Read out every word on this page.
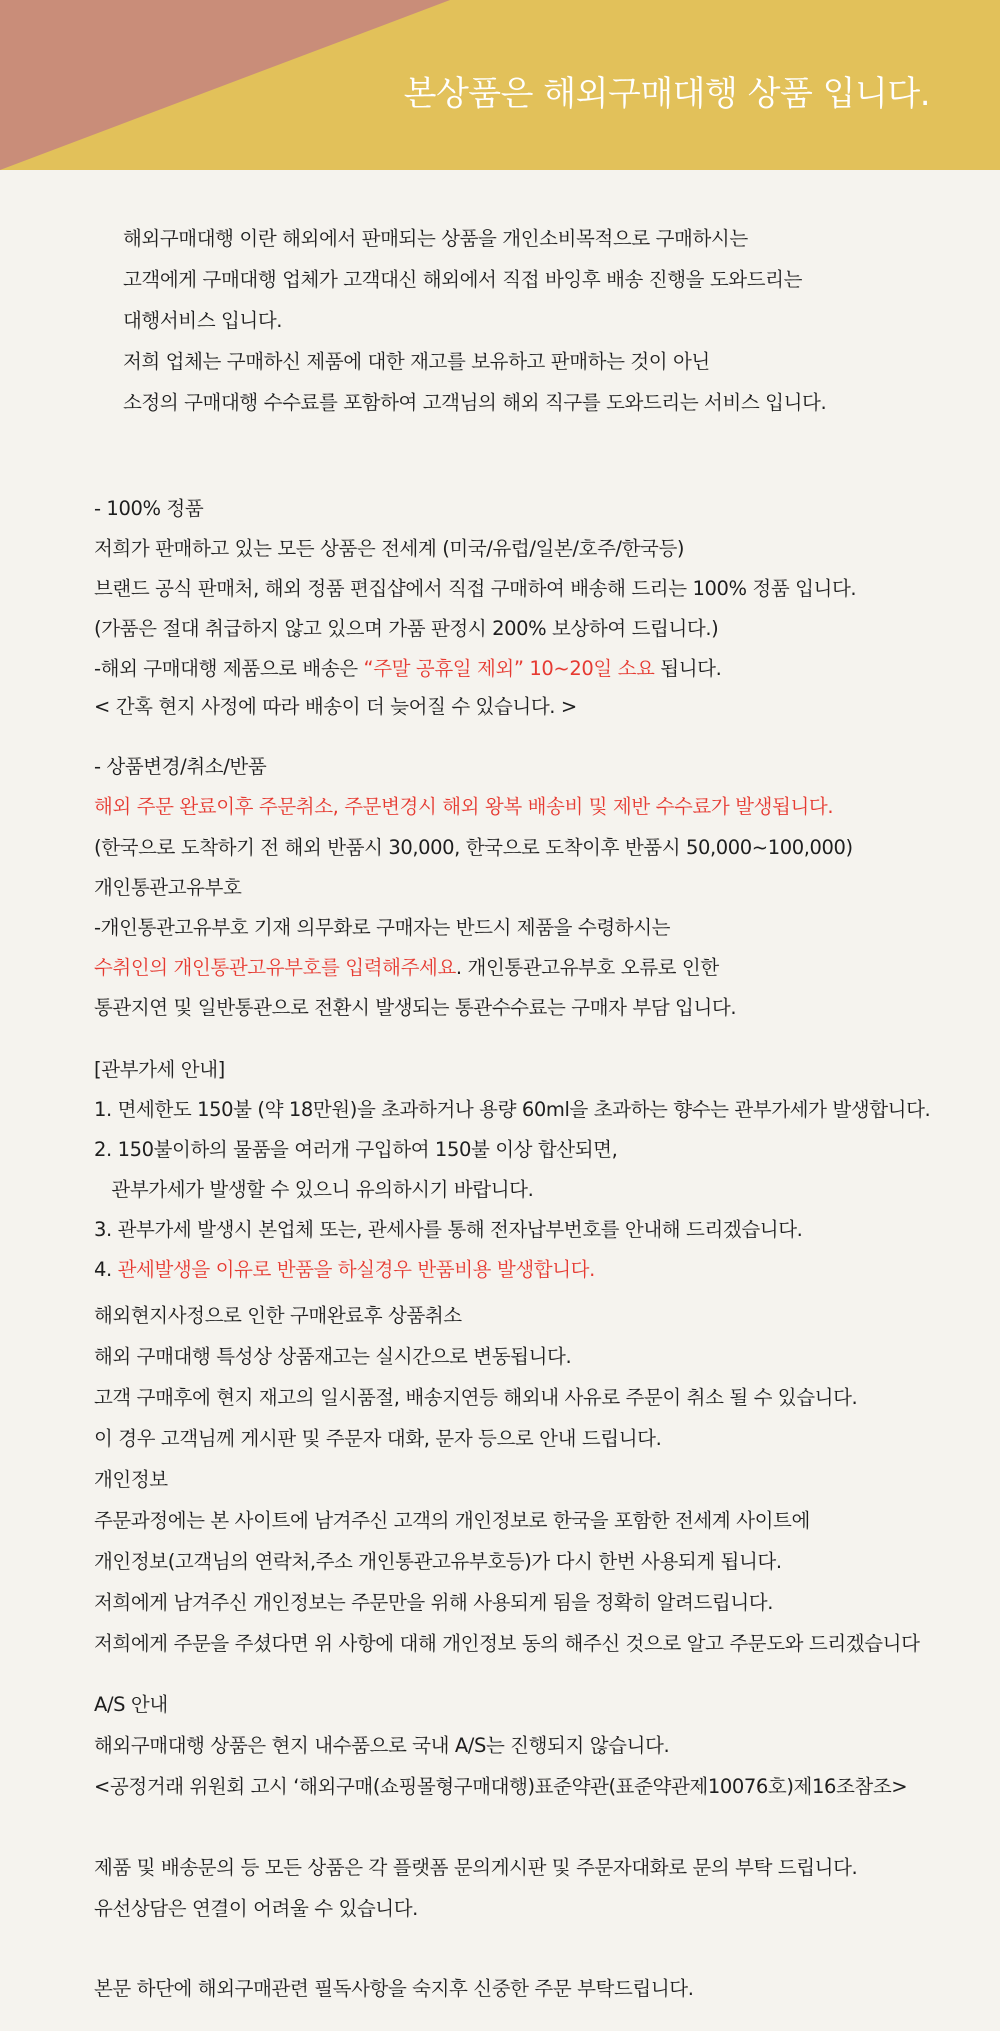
본상품은 해외구매대행 상품 입니다.

해외구매대행 이란 해외에서 판매되는 상품을 개인소비목적으로 구매하시는

고객에게 구매대행 업체가 고객대신 해외에서 직접 바잉후 배송 진행을 도와드리는

대행서비스 입니다.

저희 업체는 구매하신 제품에 대한 재고를 보유하고 판매하는 것이 아닌

소정의 구매대행 수수료를 포함하여 고객님의 해외 직구를 도와드리는 서비스 입니다.

- 100% 정품

저희가 판매하고 있는 모든 상품은 전세계 (미국/유럽/일본/호주/한국등)

브랜드 공식 판매처, 해외 정품 편집샵에서 직접 구매하여 배송해 드리는 100% 정품 입니다.

(가품은 절대 취급하지 않고 있으며 가품 판정시 200% 보상하여 드립니다.)

-해외 구매대행 제품으로 배송은 “주말 공휴일 제외” 10~20일 소요 됩니다.

< 간혹 현지 사정에 따라 배송이 더 늦어질 수 있습니다. >

- 상품변경/취소/반품

해외 주문 완료이후 주문취소, 주문변경시 해외 왕복 배송비 및 제반 수수료가 발생됩니다.

(한국으로 도착하기 전 해외 반품시 30,000, 한국으로 도착이후 반품시 50,000~100,000)

개인통관고유부호

-개인통관고유부호 기재 의무화로 구매자는 반드시 제품을 수령하시는

수취인의 개인통관고유부호를 입력해주세요. 개인통관고유부호 오류로 인한

통관지연 및 일반통관으로 전환시 발생되는 통관수수료는 구매자 부담 입니다.

[관부가세 안내]

1. 면세한도 150불 (약 18만원)을 초과하거나 용량 60ml을 초과하는 향수는 관부가세가 발생합니다.

2. 150불이하의 물품을 여러개 구입하여 150불 이상 합산되면,

관부가세가 발생할 수 있으니 유의하시기 바랍니다.

3. 관부가세 발생시 본업체 또는, 관세사를 통해 전자납부번호를 안내해 드리겠습니다.

4. 관세발생을 이유로 반품을 하실경우 반품비용 발생합니다.

해외현지사정으로 인한 구매완료후 상품취소

해외 구매대행 특성상 상품재고는 실시간으로 변동됩니다.

고객 구매후에 현지 재고의 일시품절, 배송지연등 해외내 사유로 주문이 취소 될 수 있습니다.

이 경우 고객님께 게시판 및 주문자 대화, 문자 등으로 안내 드립니다.

개인정보

주문과정에는 본 사이트에 남겨주신 고객의 개인정보로 한국을 포함한 전세계 사이트에

개인정보(고객님의 연락처,주소 개인통관고유부호등)가 다시 한번 사용되게 됩니다.

저희에게 남겨주신 개인정보는 주문만을 위해 사용되게 됨을 정확히 알려드립니다.

저희에게 주문을 주셨다면 위 사항에 대해 개인정보 동의 해주신 것으로 알고 주문도와 드리겠습니다

A/S 안내

해외구매대행 상품은 현지 내수품으로 국내 A/S는 진행되지 않습니다.

<공정거래 위원회 고시 ‘해외구매(쇼핑몰형구매대행)표준약관(표준약관제10076호)제16조참조>

제품 및 배송문의 등 모든 상품은 각 플랫폼 문의게시판 및 주문자대화로 문의 부탁 드립니다.

유선상담은 연결이 어려울 수 있습니다.

본문 하단에 해외구매관련 필독사항을 숙지후 신중한 주문 부탁드립니다.
